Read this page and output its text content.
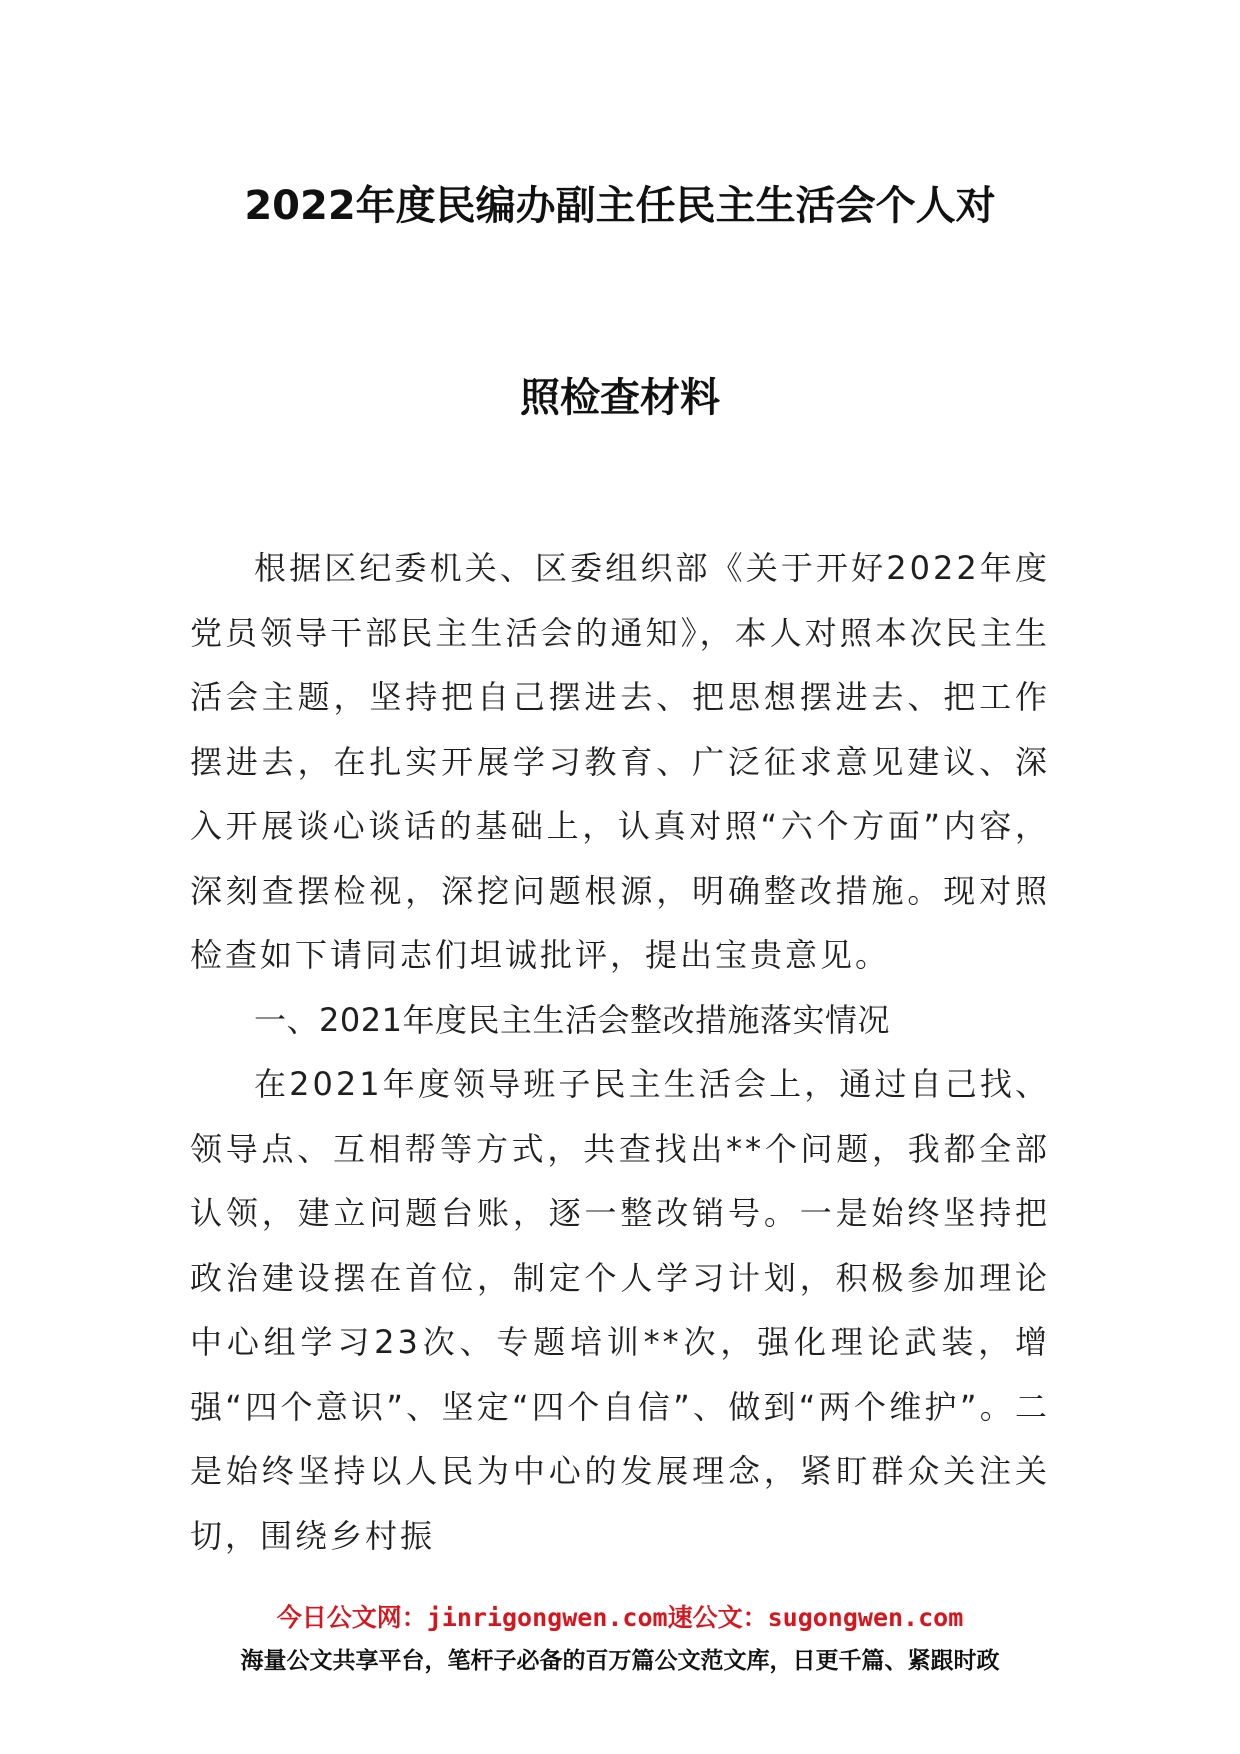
2022年度民编办副主任民主生活会个人对
照检查材料

根据区纪委机关、区委组织部《关于开好2022年度党员领导干部民主生活会的通知》，本人对照本次民主生活会主题，坚持把自己摆进去、把思想摆进去、把工作摆进去，在扎实开展学习教育、广泛征求意见建议、深入开展谈心谈话的基础上，认真对照“六个方面”内容，深刻查摆检视，深挖问题根源，明确整改措施。现对照检查如下请同志们坦诚批评，提出宝贵意见。

一、2021年度民主生活会整改措施落实情况

在2021年度领导班子民主生活会上，通过自己找、领导点、互相帮等方式，共查找出**个问题，我都全部认领，建立问题台账，逐一整改销号。一是始终坚持把政治建设摆在首位，制定个人学习计划，积极参加理论中心组学习23次、专题培训**次，强化理论武装，增强“四个意识”、坚定“四个自信”、做到“两个维护”。二是始终坚持以人民为中心的发展理念，紧盯群众关注关切，围绕乡村振

今日公文网：jinrigongwen.com速公文：sugongwen.com
海量公文共享平台，笔杆子必备的百万篇公文范文库，日更千篇、紧跟时政
